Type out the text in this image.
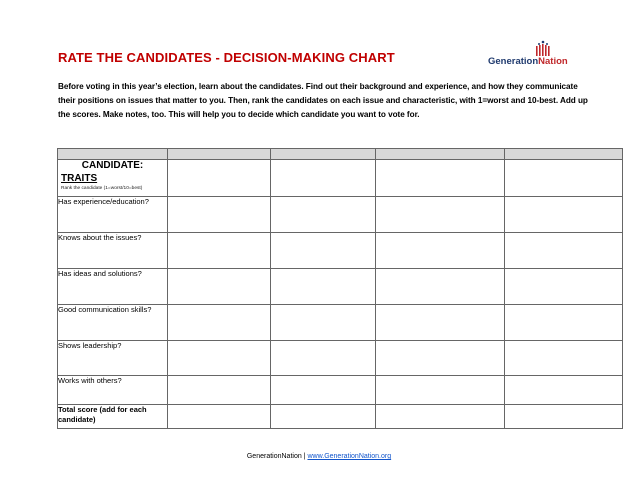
RATE THE CANDIDATES - DECISION-MAKING CHART	GenerationNation
Before voting in this year’s election, learn about the candidates. Find out their background and experience, and how they communicate their positions on issues that matter to you. Then, rank the candidates on each issue and characteristic, with 1=worst and 10-best. Add up the scores. Make notes, too. This will help you to decide which candidate you want to vote for.

CANDIDATE:				

TRAITS
Rank the candidate (1=worst/10=best)				

Has experience/education?				
Knows about the issues?				
Has ideas and solutions?				
Good communication skills?				
Shows leadership?				
Works with others?				
Total score (add for each candidate)				
GenerationNation | www.GenerationNation.org
